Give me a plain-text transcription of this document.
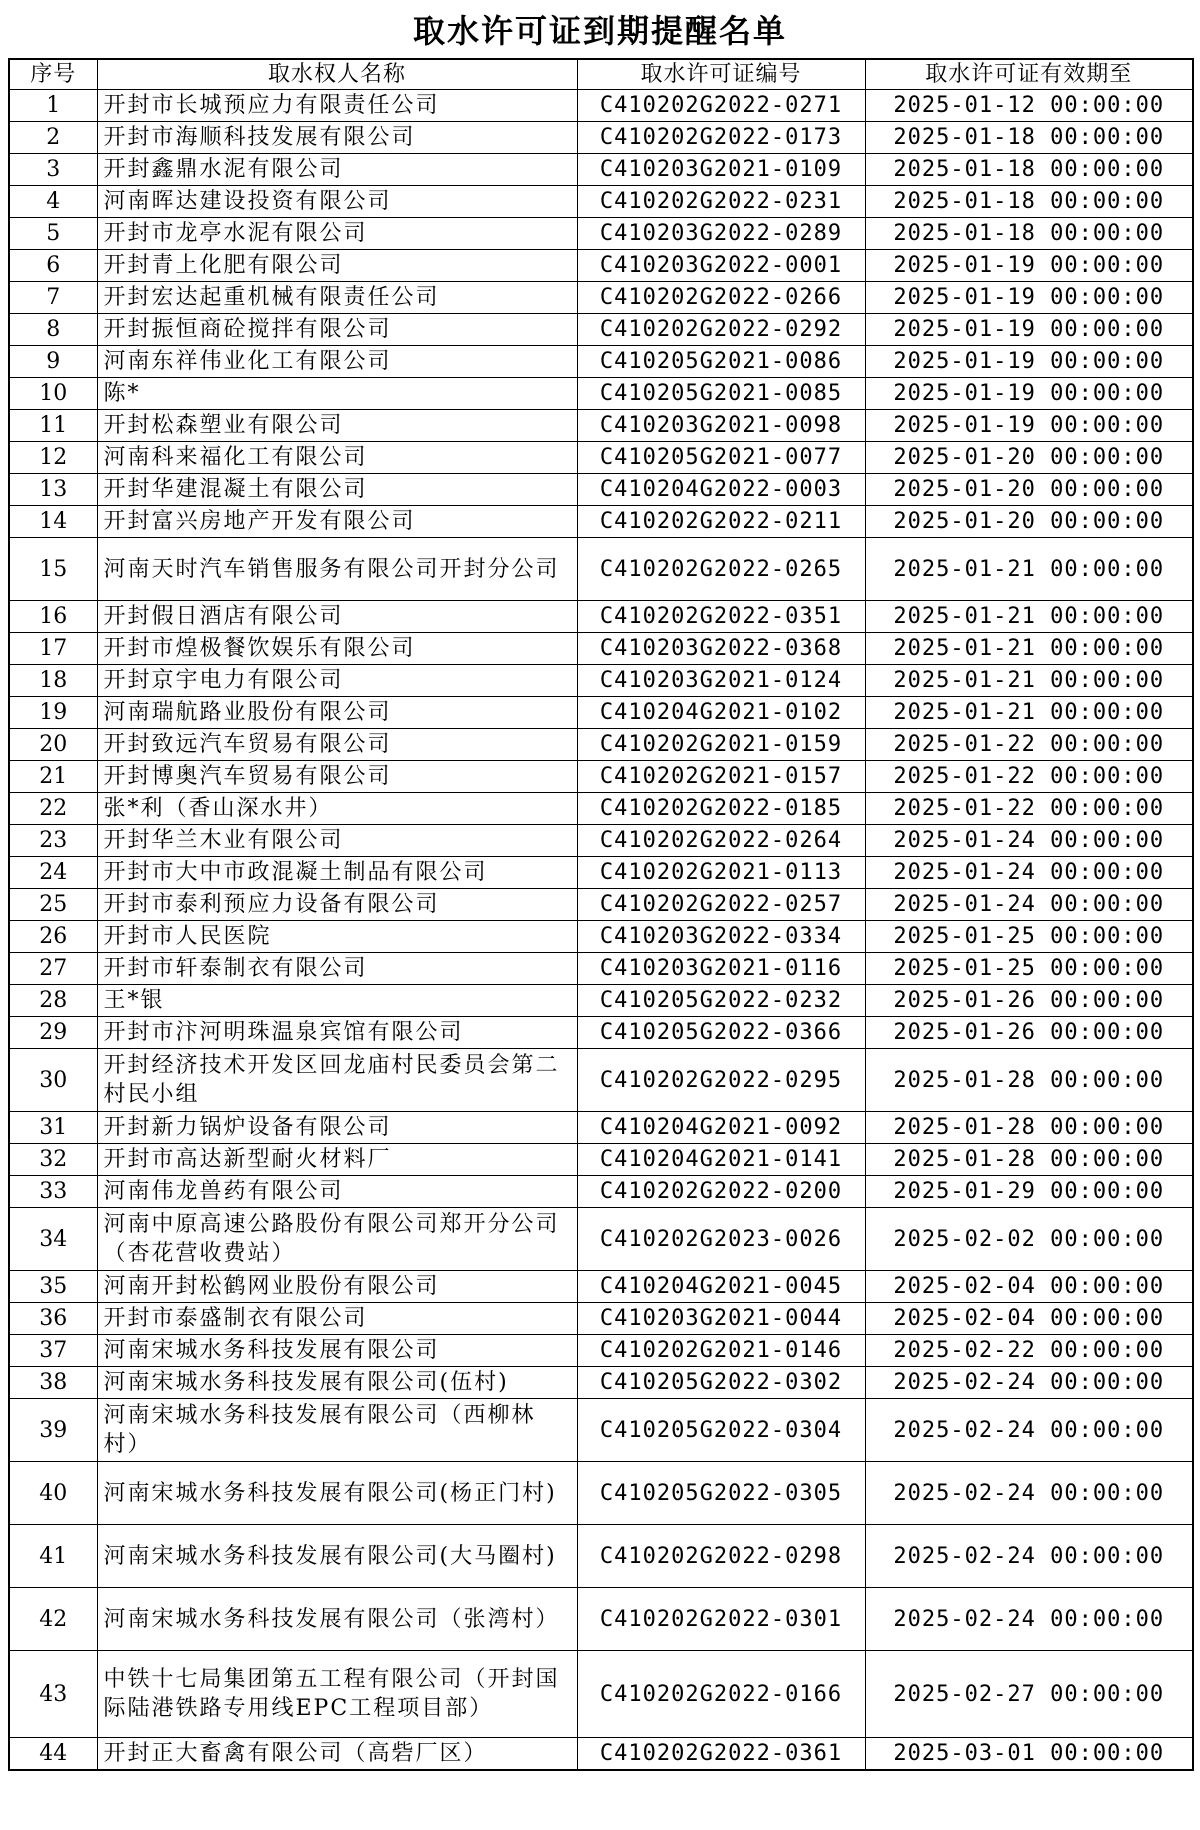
取水许可证到期提醒名单
序号	取水权人名称	取水许可证编号	取水许可证有效期至
1	开封市长城预应力有限责任公司	C410202G2022-0271	2025-01-12 00:00:00
2	开封市海顺科技发展有限公司	C410202G2022-0173	2025-01-18 00:00:00
3	开封鑫鼎水泥有限公司	C410203G2021-0109	2025-01-18 00:00:00
4	河南晖达建设投资有限公司	C410202G2022-0231	2025-01-18 00:00:00
5	开封市龙亭水泥有限公司	C410203G2022-0289	2025-01-18 00:00:00
6	开封青上化肥有限公司	C410203G2022-0001	2025-01-19 00:00:00
7	开封宏达起重机械有限责任公司	C410202G2022-0266	2025-01-19 00:00:00
8	开封振恒商砼搅拌有限公司	C410202G2022-0292	2025-01-19 00:00:00
9	河南东祥伟业化工有限公司	C410205G2021-0086	2025-01-19 00:00:00
10	陈*	C410205G2021-0085	2025-01-19 00:00:00
11	开封松森塑业有限公司	C410203G2021-0098	2025-01-19 00:00:00
12	河南科来福化工有限公司	C410205G2021-0077	2025-01-20 00:00:00
13	开封华建混凝土有限公司	C410204G2022-0003	2025-01-20 00:00:00
14	开封富兴房地产开发有限公司	C410202G2022-0211	2025-01-20 00:00:00
15	河南天时汽车销售服务有限公司开封分公司	C410202G2022-0265	2025-01-21 00:00:00
16	开封假日酒店有限公司	C410202G2022-0351	2025-01-21 00:00:00
17	开封市煌极餐饮娱乐有限公司	C410203G2022-0368	2025-01-21 00:00:00
18	开封京宇电力有限公司	C410203G2021-0124	2025-01-21 00:00:00
19	河南瑞航路业股份有限公司	C410204G2021-0102	2025-01-21 00:00:00
20	开封致远汽车贸易有限公司	C410202G2021-0159	2025-01-22 00:00:00
21	开封博奥汽车贸易有限公司	C410202G2021-0157	2025-01-22 00:00:00
22	张*利（香山深水井）	C410202G2022-0185	2025-01-22 00:00:00
23	开封华兰木业有限公司	C410202G2022-0264	2025-01-24 00:00:00
24	开封市大中市政混凝土制品有限公司	C410202G2021-0113	2025-01-24 00:00:00
25	开封市泰利预应力设备有限公司	C410202G2022-0257	2025-01-24 00:00:00
26	开封市人民医院	C410203G2022-0334	2025-01-25 00:00:00
27	开封市轩泰制衣有限公司	C410203G2021-0116	2025-01-25 00:00:00
28	王*银	C410205G2022-0232	2025-01-26 00:00:00
29	开封市汴河明珠温泉宾馆有限公司	C410205G2022-0366	2025-01-26 00:00:00
30	开封经济技术开发区回龙庙村民委员会第二村民小组	C410202G2022-0295	2025-01-28 00:00:00
31	开封新力锅炉设备有限公司	C410204G2021-0092	2025-01-28 00:00:00
32	开封市高达新型耐火材料厂	C410204G2021-0141	2025-01-28 00:00:00
33	河南伟龙兽药有限公司	C410202G2022-0200	2025-01-29 00:00:00
34	河南中原高速公路股份有限公司郑开分公司（杏花营收费站）	C410202G2023-0026	2025-02-02 00:00:00
35	河南开封松鹤网业股份有限公司	C410204G2021-0045	2025-02-04 00:00:00
36	开封市泰盛制衣有限公司	C410203G2021-0044	2025-02-04 00:00:00
37	河南宋城水务科技发展有限公司	C410202G2021-0146	2025-02-22 00:00:00
38	河南宋城水务科技发展有限公司(伍村)	C410205G2022-0302	2025-02-24 00:00:00
39	河南宋城水务科技发展有限公司（西柳林村）	C410205G2022-0304	2025-02-24 00:00:00
40	河南宋城水务科技发展有限公司(杨正门村)	C410205G2022-0305	2025-02-24 00:00:00
41	河南宋城水务科技发展有限公司(大马圈村)	C410202G2022-0298	2025-02-24 00:00:00
42	河南宋城水务科技发展有限公司（张湾村）	C410202G2022-0301	2025-02-24 00:00:00
43	中铁十七局集团第五工程有限公司（开封国际陆港铁路专用线EPC工程项目部）	C410202G2022-0166	2025-02-27 00:00:00
44	开封正大畜禽有限公司（高砦厂区）	C410202G2022-0361	2025-03-01 00:00:00
